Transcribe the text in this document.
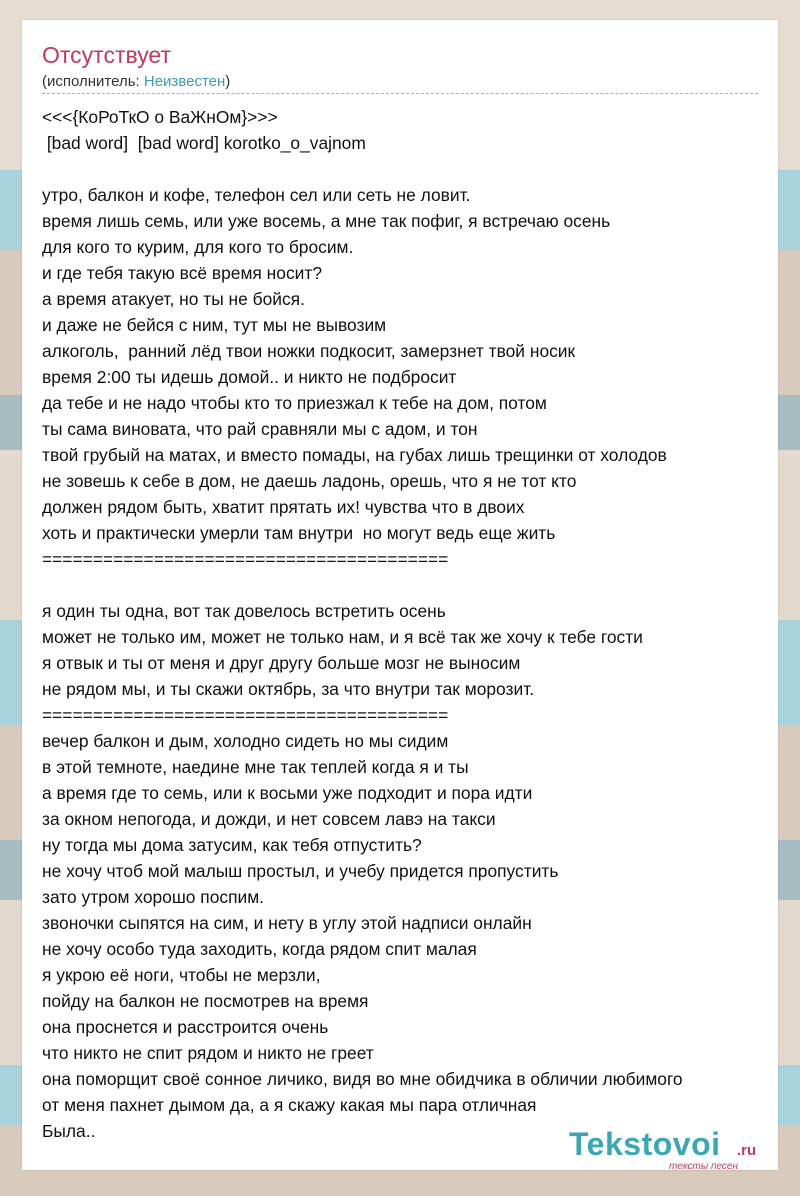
Отсутствует
(исполнитель: Неизвестен)
<<<{КоРоТкО о ВаЖнОм}>>>
[bad word]  [bad word] korotko_o_vajnom

утро, балкон и кофе, телефон сел или сеть не ловит.
время лишь семь, или уже восемь, а мне так пофиг, я встречаю осень
для кого то курим, для кого то бросим.
и где тебя такую всё время носит?
а время атакует, но ты не бойся.
и даже не бейся с ним, тут мы не вывозим
алкоголь,  ранний лёд твои ножки подкосит, замерзнет твой носик
время 2:00 ты идешь домой.. и никто не подбросит
да тебе и не надо чтобы кто то приезжал к тебе на дом, потом
ты сама виновата, что рай сравняли мы с адом, и тон
твой грубый на матах, и вместо помады, на губах лишь трещинки от холодов
не зовешь к себе в дом, не даешь ладонь, орешь, что я не тот кто
должен рядом быть, хватит прятать их! чувства что в двоих
хоть и практически умерли там внутри  но могут ведь еще жить
========================================

я один ты одна, вот так довелось встретить осень
может не только им, может не только нам, и я всё так же хочу к тебе гости
я отвык и ты от меня и друг другу больше мозг не выносим
не рядом мы, и ты скажи октябрь, за что внутри так морозит.
========================================
вечер балкон и дым, холодно сидеть но мы сидим
в этой темноте, наедине мне так теплей когда я и ты
а время где то семь, или к восьми уже подходит и пора идти
за окном непогода, и дожди, и нет совсем лавэ на такси
ну тогда мы дома затусим, как тебя отпустить?
не хочу чтоб мой малыш простыл, и учебу придется пропустить
зато утром хорошо поспим.
звоночки сыпятся на сим, и нету в углу этой надписи онлайн
не хочу особо туда заходить, когда рядом спит малая
я укрою её ноги, чтобы не мерзли,
пойду на балкон не посмотрев на время
она проснется и расстроится очень
что никто не спит рядом и никто не греет
она поморщит своё сонное личико, видя во мне обидчика в обличии любимого
от меня пахнет дымом да, а я скажу какая мы пара отличная
Была..	Tekstovoi .ru
тексты песен
